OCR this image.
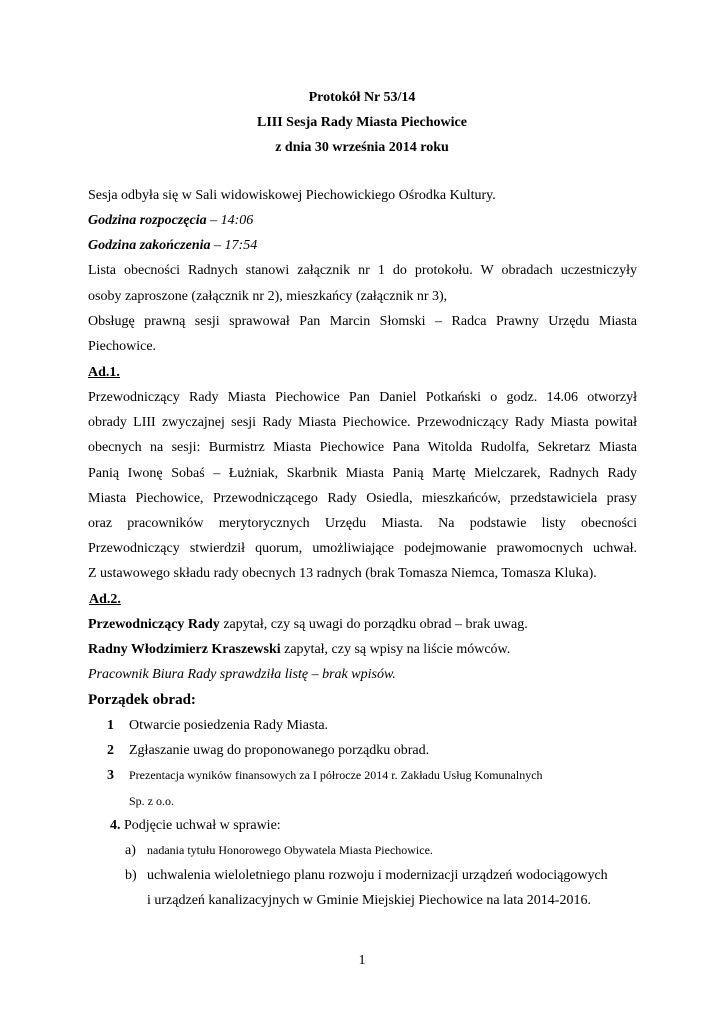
Protokół Nr 53/14
LIII Sesja Rady Miasta Piechowice
z dnia 30 września 2014 roku
Sesja odbyła się w Sali widowiskowej Piechowickiego Ośrodka Kultury.
Godzina rozpoczęcia – 14:06
Godzina zakończenia – 17:54
Lista obecności Radnych stanowi załącznik nr 1 do protokołu. W obradach uczestniczyły
osoby zaproszone (załącznik nr 2), mieszkańcy (załącznik nr 3),
Obsługę prawną sesji sprawował Pan Marcin Słomski – Radca Prawny Urzędu Miasta
Piechowice.
Ad.1.
Przewodniczący Rady Miasta Piechowice Pan Daniel Potkański o godz. 14.06 otworzył
obrady LIII zwyczajnej sesji Rady Miasta Piechowice. Przewodniczący Rady Miasta powitał
obecnych na sesji: Burmistrz Miasta Piechowice Pana Witolda Rudolfa, Sekretarz Miasta
Panią Iwonę Sobaś – Łużniak, Skarbnik Miasta Panią Martę Mielczarek, Radnych Rady
Miasta Piechowice, Przewodniczącego Rady Osiedla, mieszkańców, przedstawiciela prasy
oraz pracowników merytorycznych Urzędu Miasta. Na podstawie listy obecności
Przewodniczący stwierdził quorum, umożliwiające podejmowanie prawomocnych uchwał.
Z ustawowego składu rady obecnych 13 radnych (brak Tomasza Niemca, Tomasza Kluka).
Ad.2.
Przewodniczący Rady zapytał, czy są uwagi do porządku obrad – brak uwag.
Radny Włodzimierz Kraszewski zapytał, czy są wpisy na liście mówców.
Pracownik Biura Rady sprawdziła listę – brak wpisów.
Porządek obrad:
1 Otwarcie posiedzenia Rady Miasta.
2 Zgłaszanie uwag do proponowanego porządku obrad.
3 Prezentacja wyników finansowych za I półrocze 2014 r. Zakładu Usług Komunalnych
Sp. z o.o.
4. Podjęcie uchwał w sprawie:
a) nadania tytułu Honorowego Obywatela Miasta Piechowice.
b) uchwalenia wieloletniego planu rozwoju i modernizacji urządzeń wodociągowych
i urządzeń kanalizacyjnych w Gminie Miejskiej Piechowice na lata 2014-2016.
1
